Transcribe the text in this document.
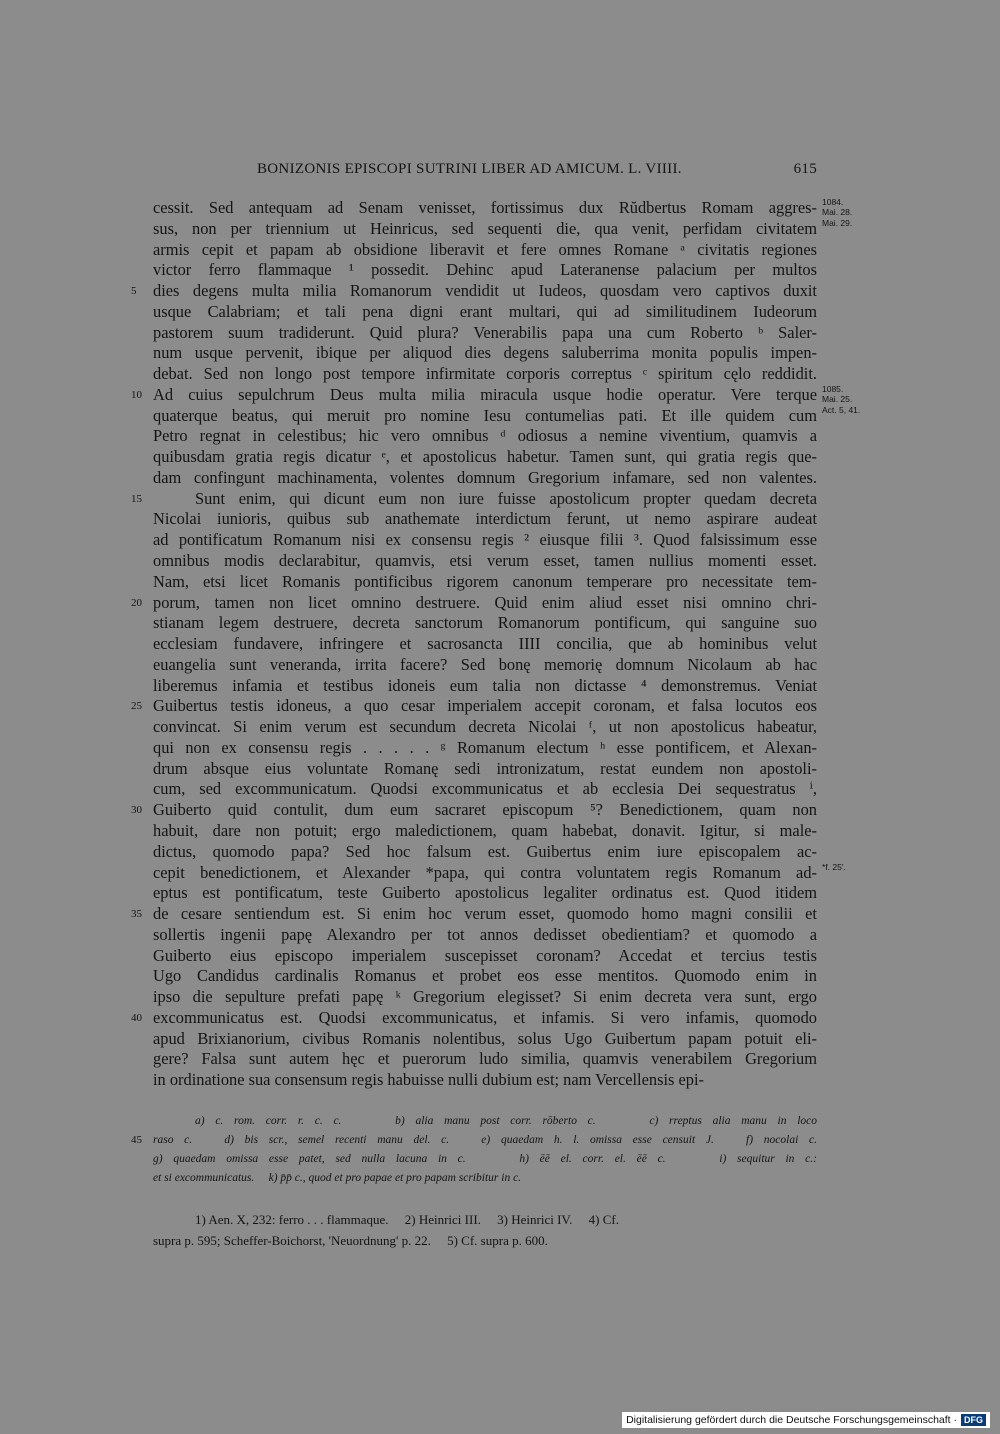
BONIZONIS EPISCOPI SUTRINI LIBER AD AMICUM. L. VIIII.	615
cessit. Sed antequam ad Senam venisset, fortissimus dux Rŭdbertus Romam aggres- 1084.
Mai. 28.
sus, non per triennium ut Heinricus, sed sequenti die, qua venit, perfidam civitatem Mai. 29.
armis cepit et papam ab obsidione liberavit et fere omnes Romane ᵃ civitatis regiones
victor ferro flammaque ¹ possedit. Dehinc apud Lateranense palacium per multos
dies degens multa milia Romanorum vendidit ut Iudeos, quosdam vero captivos duxit
5
usque Calabriam; et tali pena digni erant multari, qui ad similitudinem Iudeorum
pastorem suum tradiderunt. Quid plura? Venerabilis papa una cum Roberto ᵇ Saler-
num usque pervenit, ibique per aliquod dies degens saluberrima monita populis impen-
debat. Sed non longo post tempore infirmitate corporis correptus ᶜ spiritum cęlo reddidit.
Ad cuius sepulchrum Deus multa milia miracula usque hodie operatur. Vere terque
10	1085.
Mai. 25.
quaterque beatus, qui meruit pro nomine Iesu contumelias pati. Et ille quidem cum Act. 5, 41.
Petro regnat in celestibus; hic vero omnibus ᵈ odiosus a nemine viventium, quamvis a
quibusdam gratia regis dicatur ᵉ, et apostolicus habetur. Tamen sunt, qui gratia regis que-
dam confingunt machinamenta, volentes domnum Gregorium infamare, sed non valentes.
Sunt enim, qui dicunt eum non iure fuisse apostolicum propter quedam decreta
15
Nicolai iunioris, quibus sub anathemate interdictum ferunt, ut nemo aspirare audeat
ad pontificatum Romanum nisi ex consensu regis ² eiusque filii ³. Quod falsissimum esse
omnibus modis declarabitur, quamvis, etsi verum esset, tamen nullius momenti esset.
Nam, etsi licet Romanis pontificibus rigorem canonum temperare pro necessitate tem-
porum, tamen non licet omnino destruere. Quid enim aliud esset nisi omnino chri-
20
stianam legem destruere, decreta sanctorum Romanorum pontificum, qui sanguine suo
ecclesiam fundavere, infringere et sacrosancta IIII concilia, que ab hominibus velut
euangelia sunt veneranda, irrita facere? Sed bonę memorię domnum Nicolaum ab hac
liberemus infamia et testibus idoneis eum talia non dictasse ⁴ demonstremus. Veniat
Guibertus testis idoneus, a quo cesar imperialem accepit coronam, et falsa locutos eos
25
convincat. Si enim verum est secundum decreta Nicolai ᶠ, ut non apostolicus habeatur,
qui non ex consensu regis . . . . . ᵍ Romanum electum ʰ esse pontificem, et Alexan-
drum absque eius voluntate Romanę sedi intronizatum, restat eundem non apostoli-
cum, sed excommunicatum. Quodsi excommunicatus et ab ecclesia Dei sequestratus ⁱ,
Guiberto quid contulit, dum eum sacraret episcopum ⁵? Benedictionem, quam non
30
habuit, dare non potuit; ergo maledictionem, quam habebat, donavit. Igitur, si male-
dictus, quomodo papa? Sed hoc falsum est. Guibertus enim iure episcopalem ac-
cepit benedictionem, et Alexander *papa, qui contra voluntatem regis Romanum ad- *f. 25'.
eptus est pontificatum, teste Guiberto apostolicus legaliter ordinatus est. Quod itidem
de cesare sentiendum est. Si enim hoc verum esset, quomodo homo magni consilii et
35
sollertis ingenii papę Alexandro per tot annos dedisset obedientiam? et quomodo a
Guiberto eius episcopo imperialem suscepisset coronam? Accedat et tercius testis
Ugo Candidus cardinalis Romanus et probet eos esse mentitos. Quomodo enim in
ipso die sepulture prefati papę ᵏ Gregorium elegisset? Si enim decreta vera sunt, ergo
excommunicatus est. Quodsi excommunicatus, et infamis. Si vero infamis, quomodo
40
apud Brixianorium, civibus Romanis nolentibus, solus Ugo Guibertum papam potuit eli-
gere? Falsa sunt autem hęc et puerorum ludo similia, quamvis venerabilem Gregorium
in ordinatione sua consensum regis habuisse nulli dubium est; nam Vercellensis epi-
a) c. rom. corr. r. c. c.     b) alia manu post corr. rōberto c.     c) rreptus alia manu in loco
raso c.   d) bis scr., semel recenti manu del. c.   e) quaedam h. l. omissa esse censuit J.   f) nocolai c.
45
g) quaedam omissa esse patet, sed nulla lacuna in c.     h) ēē el. corr. el. ēē c.     i) sequitur in c.:
et si excommunicatus.     k) p̄p̄ c., quod et pro papae et pro papam scribitur in c.
1) Aen. X, 232: ferro . . . flammaque.     2) Heinrici III.     3) Heinrici IV.     4) Cf.
supra p. 595; Scheffer-Boichorst, 'Neuordnung' p. 22.     5) Cf. supra p. 600.
Digitalisierung gefördert durch die Deutsche Forschungsgemeinschaft · DFG
